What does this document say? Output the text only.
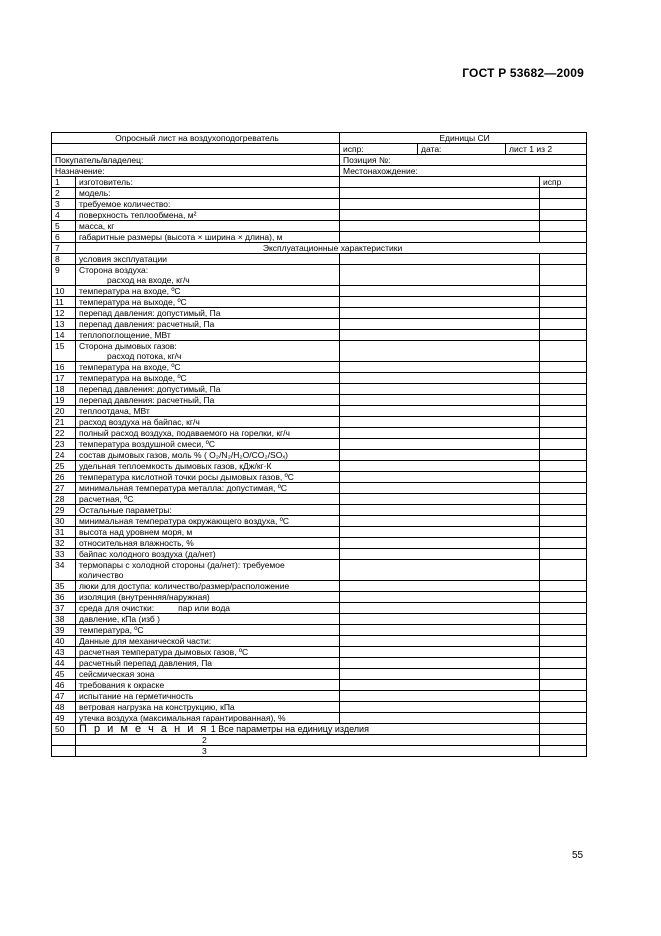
ГОСТ Р 53682—2009
Опросный лист на воздухоподогреватель		Единицы СИ			
		испр:	дата:	лист 1 из 2	
Покупатель/владелец:		Позиция №:			
Назначение:		Местонахождение:			
1	изготовитель:				испр
2	модель:				
3	требуемое количество:				
4	поверхность теплообмена, м²				
5	масса, кг				
6	габаритные размеры (высота × ширина × длина), м				
7	Эксплуатационные характеристики				
8	условия эксплуатации				
9	Сторона воздуха:
расход на входе, кг/ч				

10	температура на входе, ºС				
11	температура на выходе, ºС				
12	перепад давления: допустимый, Па				
13	перепад давления: расчетный, Па				
14	теплопоглощение, МВт				
15	Сторона дымовых газов:
расход потока, кг/ч				

16	температура на входе, ºС				
17	температура на выходе, ºС				
18	перепад давления: допустимый, Па				
19	перепад давления: расчетный, Па				
20	теплоотдача, МВт				
21	расход воздуха на байпас, кг/ч				
22	полный расход воздуха, подаваемого на горелки, кг/ч				
23	температура воздушной смеси, ºС				
24	состав дымовых газов, моль % ( O₂/N₂/H₂O/CO₂/SOₓ)				
25	удельная теплоемкость дымовых газов, кДж/кг·К				
26	температура кислотной точки росы дымовых газов, ºС				
27	минимальная температура металла: допустимая, ºС				
28	расчетная, ºС				
29	Остальные параметры:				
30	минимальная температура окружающего воздуха, ºС				
31	высота над уровнем моря, м				
32	относительная влажность, %				
33	байпас холодного воздуха (да/нет)				
34	термопары с холодной стороны (да/нет): требуемое
количество				

35	люки для доступа: количество/размер/расположение				
36	изоляция (внутренняя/наружная)				
37	среда для очистки: пар или вода				
38	давление, кПа (изб )				
39	температура, ºС				
40	Данные для механической части:				
43	расчетная температура дымовых газов, ºС				
44	расчетный перепад давления, Па				
45	сейсмическая зона				
46	требования к окраске				
47	испытание на герметичность				
48	ветровая нагрузка на конструкцию, кПа				
49	утечка воздуха (максимальная гарантированная), %				
50	П р и м е ч а н и я 1 Все параметры на единицу изделия				
	2				
	3				
55
